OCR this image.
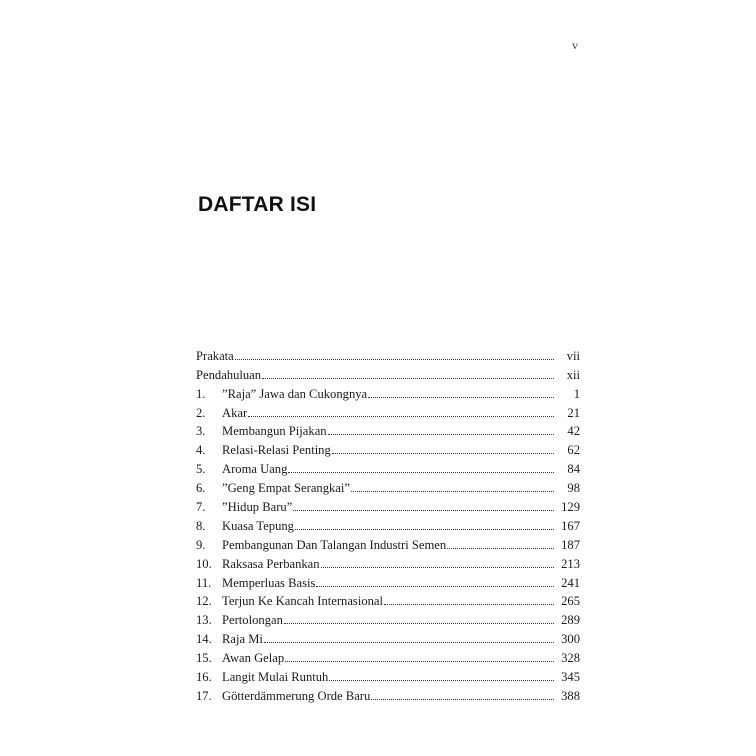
v
DAFTAR ISI
Prakata	vii
Pendahuluan	xii
1.	”Raja” Jawa dan Cukongnya	1
2.	Akar	21
3.	Membangun Pijakan	42
4.	Relasi-Relasi Penting	62
5.	Aroma Uang	84
6.	”Geng Empat Serangkai”	98
7.	”Hidup Baru”	129
8.	Kuasa Tepung	167
9.	Pembangunan Dan Talangan Industri Semen	187
10. Raksasa Perbankan	213
11. Memperluas Basis	241
12. Terjun Ke Kancah Internasional	265
13. Pertolongan	289
14. Raja Mi	300
15. Awan Gelap	328
16. Langit Mulai Runtuh	345
17. Götterdämmerung Orde Baru	388
